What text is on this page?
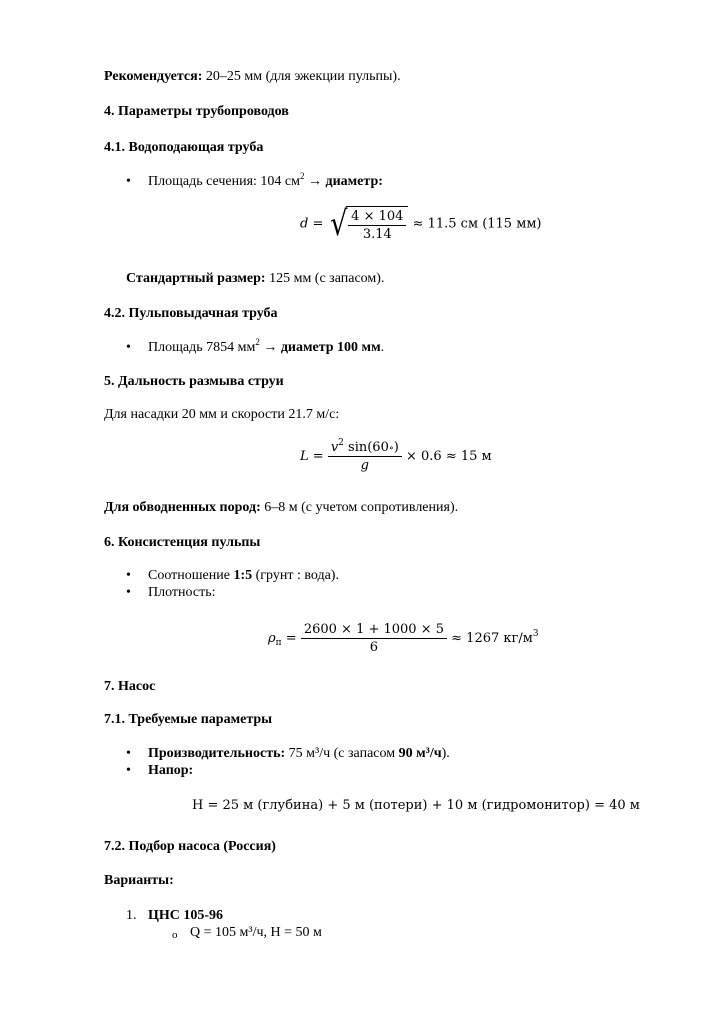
Рекомендуется: 20–25 мм (для эжекции пульпы).
4. Параметры трубопроводов
4.1. Водоподающая труба
• Площадь сечения: 104 $см^2$ → диаметр:
d = √ $\frac{4 \times 104}{3.14} \approx 11.5$ см (115 мм)
Стандартный размер: 125 мм (с запасом).
4.2. Пульповыдачная труба
• Площадь 7854 $мм^2$ → диаметр 100 мм.
5. Дальность размыва струи
Для насадки 20 мм и скорости 21.7 м/с:
$L = \frac{v^2 \sin(60\circ)}{g} \times 0.6 \approx 15$ м
Для обводненных пород: 6–8 м (с учетом сопротивления).
6. Консистенция пульпы
• Соотношение 1:5 (грунт : вода).
• Плотность:
$\rho_п = \frac{2600 \times 1 + 1000 \times 5}{6} \approx 1267$ $кг/м^3$
7. Насос
7.1. Требуемые параметры
• Производительность: 75 м³/ч (с запасом 90 м³/ч).
• Напор:
H = 25 м (глубина) + 5 м (потери) + 10 м (гидромонитор) = 40 м
7.2. Подбор насоса (Россия)
Варианты:
1. ЦНС 105-96
o Q = 105 м³/ч, H = 50 м
